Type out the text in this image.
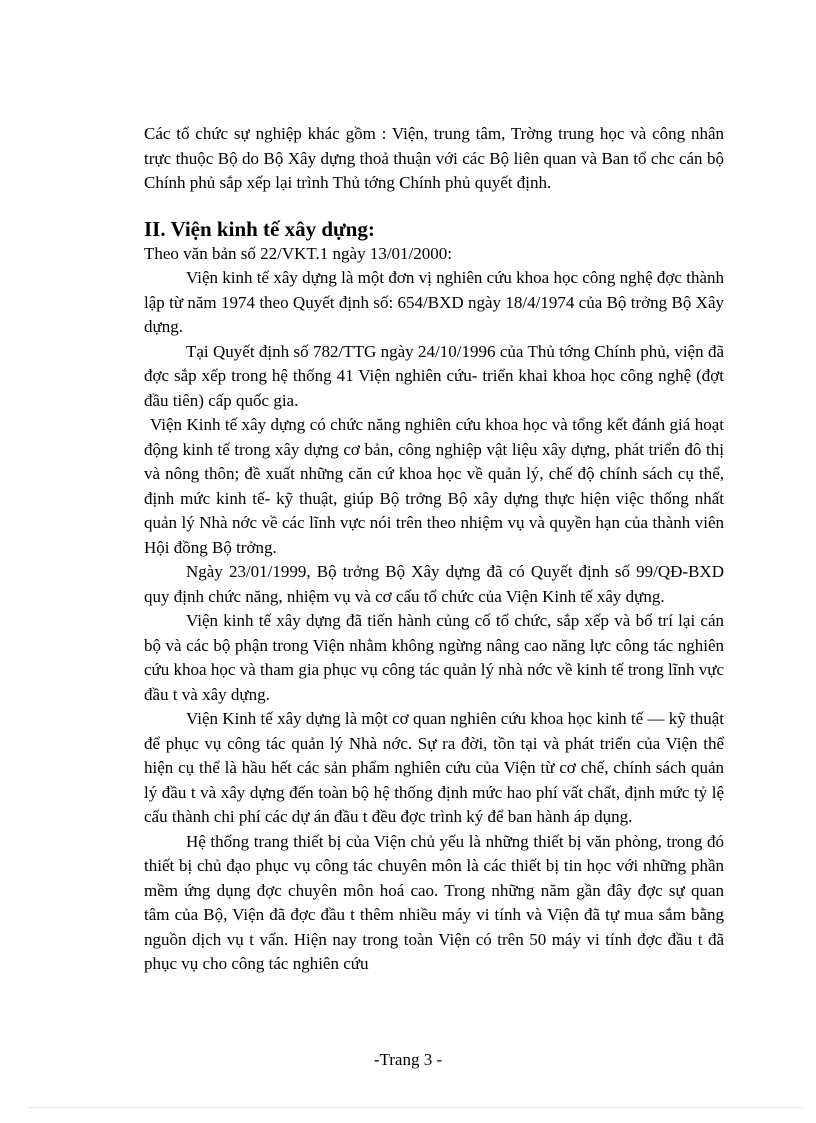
Các tổ chức sự nghiệp khác gồm : Viện, trung tâm, Trờng trung học và công nhân trực thuộc Bộ do Bộ Xây dựng thoả thuận với các Bộ liên quan và Ban tổ chc cán bộ Chính phủ sắp xếp lại trình Thủ tớng Chính phủ quyết định.

II. Viện kinh tế xây dựng:

Theo văn bản số 22/VKT.1 ngày 13/01/2000:

Viện kinh tế xây dựng là một đơn vị nghiên cứu khoa học công nghệ đợc thành lập từ năm 1974 theo Quyết định số: 654/BXD ngày 18/4/1974 của Bộ trởng Bộ Xây dựng.

Tại Quyết định số 782/TTG ngày 24/10/1996 của Thủ tớng Chính phủ, viện đã đợc sắp xếp trong hệ thống 41 Viện nghiên cứu- triển khai khoa học công nghệ (đợt đầu tiên) cấp quốc gia.

Viện Kinh tế xây dựng có chức năng nghiên cứu khoa học và tổng kết đánh giá hoạt động kinh tế trong xây dựng cơ bản, công nghiệp vật liệu xây dựng, phát triển đô thị và nông thôn; đề xuất những căn cứ khoa học về quản lý, chế độ chính sách cụ thể, định mức kinh tế- kỹ thuật, giúp Bộ trởng Bộ xây dựng thực hiện việc thống nhất quản lý Nhà nớc về các lĩnh vực nói trên theo nhiệm vụ và quyền hạn của thành viên Hội đồng Bộ trởng.

Ngày 23/01/1999, Bộ trởng Bộ Xây dựng đã có Quyết định số 99/QĐ-BXD quy định chức năng, nhiệm vụ và cơ cấu tổ chức của Viện Kinh tế xây dựng.

Viện kinh tế xây dựng đã tiến hành củng cố tổ chức, sắp xếp và bố trí lại cán bộ và các bộ phận trong Viện nhằm không ngừng nâng cao năng lực công tác nghiên cứu khoa học và tham gia phục vụ công tác quản lý nhà nớc về kinh tế trong lĩnh vực đầu t và xây dựng.

Viện Kinh tế xây dựng là một cơ quan nghiên cứu khoa học kinh tế — kỹ thuật để phục vụ công tác quản lý Nhà nớc. Sự ra đời, tồn tại và phát triển của Viện thể hiện cụ thể là hầu hết các sản phẩm nghiên cứu của Viện từ cơ chế, chính sách quản lý đầu t và xây dựng đến toàn bộ hệ thống định mức hao phí vất chất, định mức tỷ lệ cấu thành chi phí các dự án đầu t đều đợc trình ký để ban hành áp dụng.

Hệ thống trang thiết bị của Viện chủ yếu là những thiết bị văn phòng, trong đó thiết bị chủ đạo phục vụ công tác chuyên môn là các thiết bị tin học với những phần mềm ứng dụng đợc chuyên môn hoá cao. Trong những năm gần đây đợc sự quan tâm của Bộ, Viện đã đợc đầu t thêm nhiều máy vi tính và Viện đã tự mua sắm bằng nguồn dịch vụ t vấn. Hiện nay trong toàn Viện có trên 50 máy vi tính đợc đầu t đã phục vụ cho công tác nghiên cứu

-Trang 3 -
